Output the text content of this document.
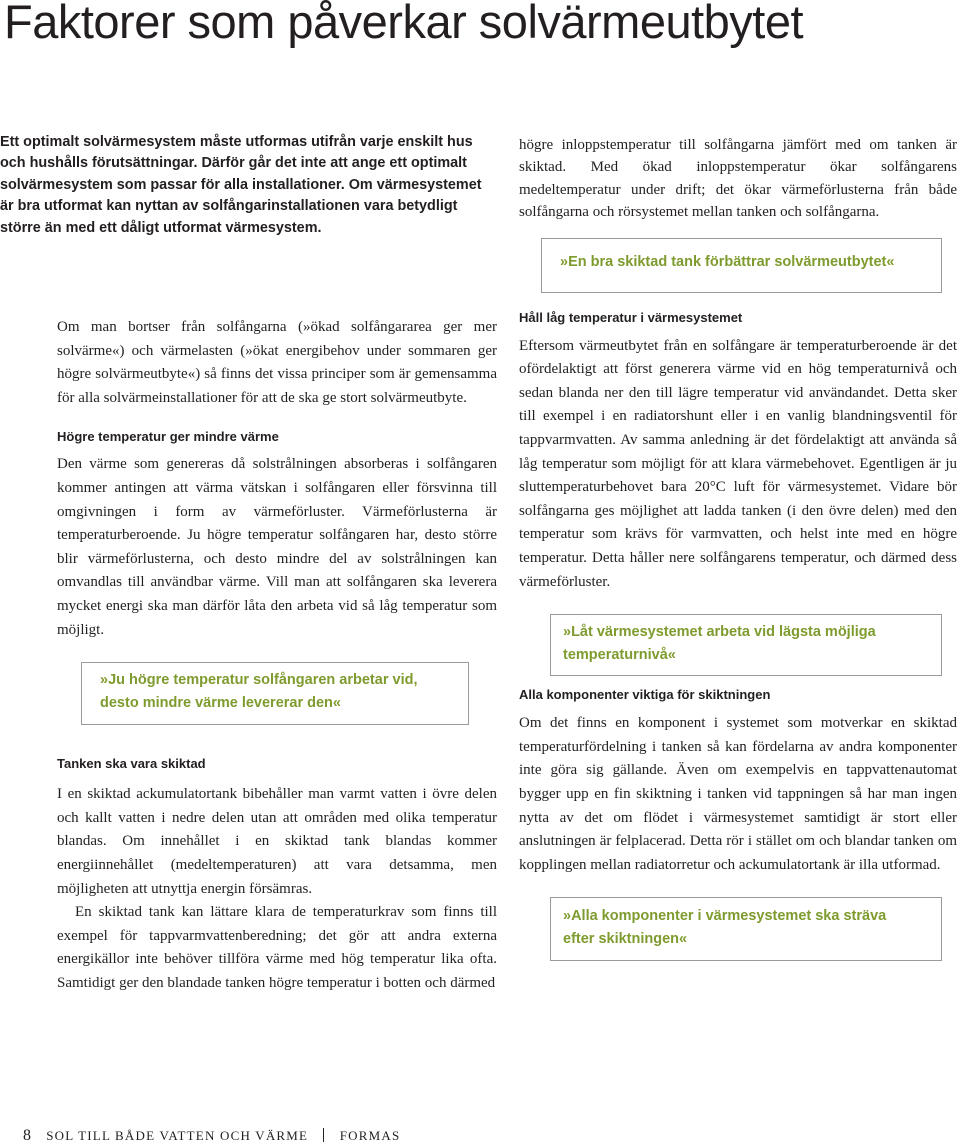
Faktorer som påverkar solvärmeutbytet
Ett optimalt solvärmesystem måste utformas utifrån varje enskilt hus och hushålls förutsättningar. Därför går det inte att ange ett optimalt solvärmesystem som passar för alla installationer. Om värmesystemet är bra utformat kan nyttan av solfångarinstallationen vara betydligt större än med ett dåligt utformat värmesystem.

Om man bortser från solfångarna (»ökad solfångararea ger mer solvärme«) och värmelasten (»ökat energibehov under sommaren ger högre solvärmeutbyte«) så finns det vissa principer som är gemensamma för alla solvärmeinstallationer för att de ska ge stort solvärmeutbyte.

Högre temperatur ger mindre värme

Den värme som genereras då solstrålningen absorberas i solfångaren kommer antingen att värma vätskan i solfångaren eller försvinna till omgivningen i form av värmeförluster. Värmeförlusterna är temperaturberoende. Ju högre temperatur solfångaren har, desto större blir värmeförlusterna, och desto mindre del av solstrålningen kan omvandlas till användbar värme. Vill man att solfångaren ska leverera mycket energi ska man därför låta den arbeta vid så låg temperatur som möjligt.

»Ju högre temperatur solfångaren arbetar vid, desto mindre värme levererar den«
Tanken ska vara skiktad

I en skiktad ackumulatortank bibehåller man varmt vatten i övre delen och kallt vatten i nedre delen utan att områden med olika temperatur blandas. Om innehållet i en skiktad tank blandas kommer energiinnehållet (medeltemperaturen) att vara detsamma, men möjligheten att utnyttja energin försämras.

En skiktad tank kan lättare klara de temperaturkrav som finns till exempel för tappvarmvattenberedning; det gör att andra externa energikällor inte behöver tillföra värme med hög temperatur lika ofta. Samtidigt ger den blandade tanken högre temperatur i botten och därmed

högre inloppstemperatur till solfångarna jämfört med om tanken är skiktad. Med ökad inloppstemperatur ökar solfångarens medeltemperatur under drift; det ökar värmeförlusterna från både solfångarna och rörsystemet mellan tanken och solfångarna.

»En bra skiktad tank förbättrar solvärmeutbytet«
Håll låg temperatur i värmesystemet

Eftersom värmeutbytet från en solfångare är temperaturberoende är det ofördelaktigt att först generera värme vid en hög temperaturnivå och sedan blanda ner den till lägre temperatur vid användandet. Detta sker till exempel i en radiatorshunt eller i en vanlig blandningsventil för tappvarmvatten. Av samma anledning är det fördelaktigt att använda så låg temperatur som möjligt för att klara värmebehovet. Egentligen är ju sluttemperaturbehovet bara 20°C luft för värmesystemet. Vidare bör solfångarna ges möjlighet att ladda tanken (i den övre delen) med den temperatur som krävs för varmvatten, och helst inte med en högre temperatur. Detta håller nere solfångarens temperatur, och därmed dess värmeförluster.

»Låt värmesystemet arbeta vid lägsta möjliga temperaturnivå«
Alla komponenter viktiga för skiktningen

Om det finns en komponent i systemet som motverkar en skiktad temperaturfördelning i tanken så kan fördelarna av andra komponenter inte göra sig gällande. Även om exempelvis en tappvattenautomat bygger upp en fin skiktning i tanken vid tappningen så har man ingen nytta av det om flödet i värmesystemet samtidigt är stort eller anslutningen är felplacerad. Detta rör i stället om och blandar tanken om kopplingen mellan radiatorretur och ackumulatortank är illa utformad.

»Alla komponenter i värmesystemet ska sträva efter skiktningen«
8 SOL TILL BÅDE VATTEN OCH VÄRME FORMAS
